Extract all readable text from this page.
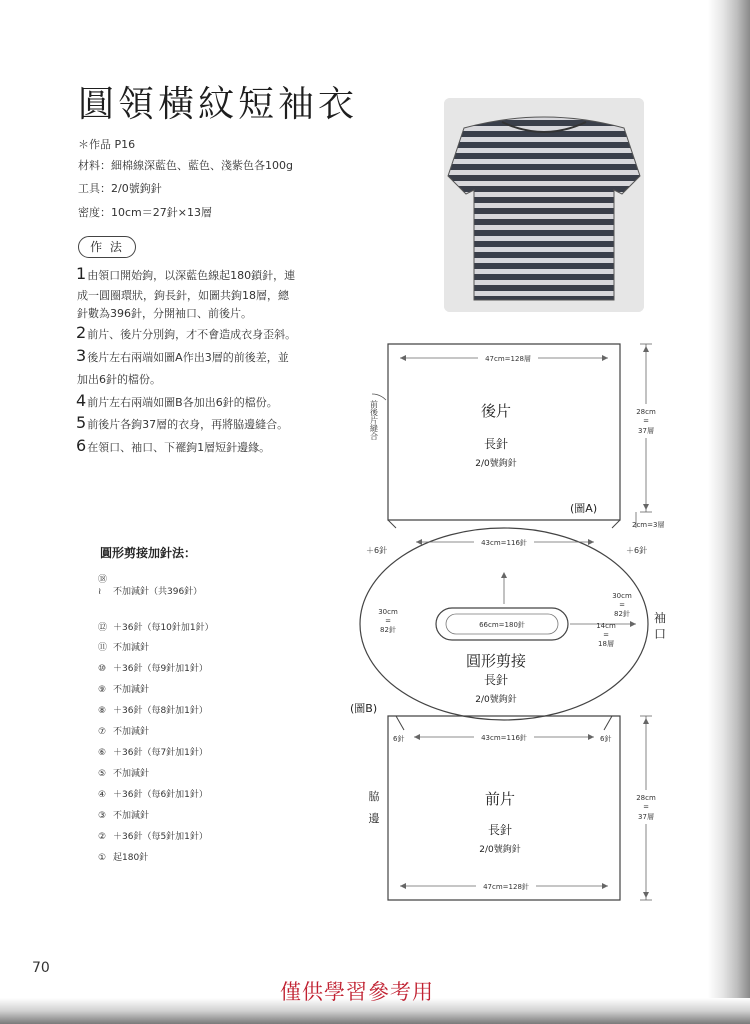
圓領橫紋短袖衣
＊作品 P16
材料：細棉線深藍色、藍色、淺紫色各100g
工具：2/0號鉤針
密度：10cm＝27針×13層
作 法
1由領口開始鉤，以深藍色線起180鎖針，連
成一圓圈環狀，鉤長針，如圖共鉤18層，總
針數為396針，分開袖口、前後片。
2前片、後片分別鉤，才不會造成衣身歪斜。
3後片左右兩端如圖A作出3層的前後差，並
加出6針的檔份。
4前片左右兩端如圖B各加出6針的檔份。
5前後片各鉤37層的衣身，再將脇邊縫合。
6在領口、袖口、下襬鉤1層短針邊緣。
圓形剪接加針法：
⑱
≀ 不加減針（共396針）
⑫ ＋36針（每10針加1針）
⑪ 不加減針
⑩ ＋36針（每9針加1針）
⑨ 不加減針
⑧ ＋36針（每8針加1針）
⑦ 不加減針
⑥ ＋36針（每7針加1針）
⑤ 不加減針
④ ＋36針（每6針加1針）
③ 不加減針
② ＋36針（每5針加1針）
① 起180針
47cm=128層
28cm
=
37層
2cm=3層
後片
長針
2/0號鉤針
(圖A)
前後片縫合
43cm=116針
＋6針	＋6針
66cm=180針
30cm
=
82針
30cm
=
82針
14cm
=
18層
袖
口
圓形剪接
長針
2/0號鉤針
6針	6針
43cm=116針
47cm=128針
28cm
=
37層
脇
邊
前片
長針
2/0號鉤針
(圖B)
70
僅供學習參考用
